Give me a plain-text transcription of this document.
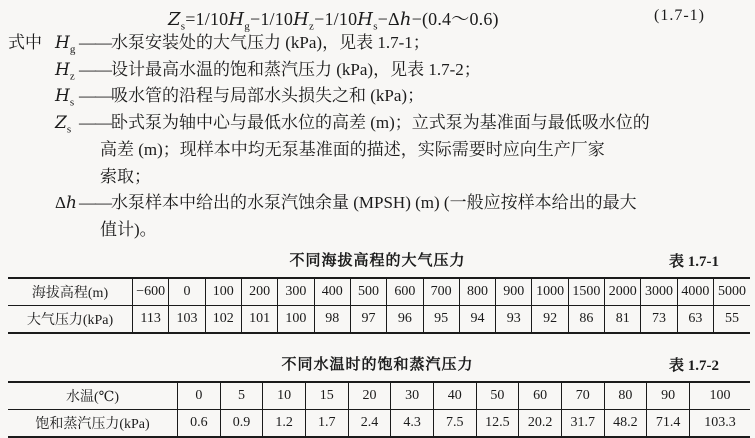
$Z_s=1/10H_g-1/10H_z-1/10H_s-\Delta h-(0.4\sim 0.6)$	(1.7-1)
式中 $H_g$ ——水泵安装处的大气压力 (kPa)，见表 1.7-1；
$H_z$ ——设计最高水温的饱和蒸汽压力 (kPa)，见表 1.7-2；
$H_s$ ——吸水管的沿程与局部水头损失之和 (kPa)；
$Z_s$ ——卧式泵为轴中心与最低水位的高差 (m)；立式泵为基准面与最低吸水位的
高差 (m)；现样本中均无泵基准面的描述，实际需要时应向生产厂家
索取；
Δh ——水泵样本中给出的水泵汽蚀余量 (MPSH) (m) (一般应按样本给出的最大
值计)。
不同海拔高程的大气压力	表 1.7-1
海拔高程(m)	−600	0	100	200	300	400	500	600	700	800	900	1000	1500	2000	3000	4000	5000
大气压力(kPa)	113	103	102	101	100	98	97	96	95	94	93	92	86	81	73	63	55
不同水温时的饱和蒸汽压力	表 1.7-2
水温(℃)	0	5	10	15	20	30	40	50	60	70	80	90	100
饱和蒸汽压力(kPa)	0.6	0.9	1.2	1.7	2.4	4.3	7.5	12.5	20.2	31.7	48.2	71.4	103.3
